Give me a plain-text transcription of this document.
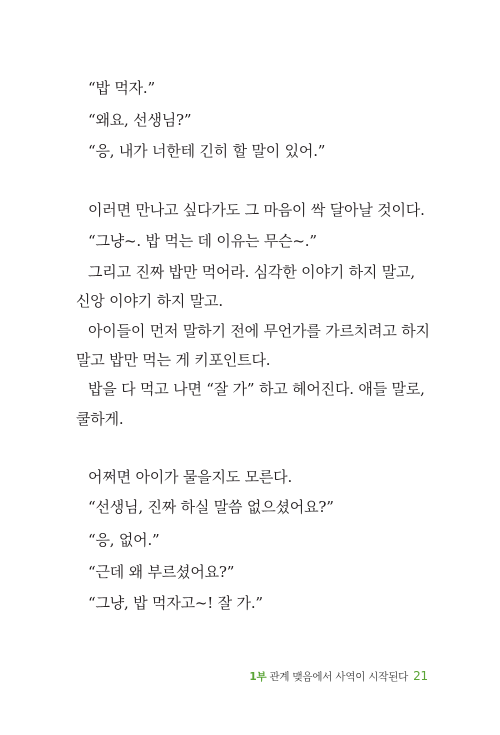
“밥 먹자.”

“왜요, 선생님?”

“응, 내가 너한테 긴히 할 말이 있어.”

이러면 만나고 싶다가도 그 마음이 싹 달아날 것이다.

“그냥~. 밥 먹는 데 이유는 무슨~.”

그리고 진짜 밥만 먹어라. 심각한 이야기 하지 말고,

신앙 이야기 하지 말고.

아이들이 먼저 말하기 전에 무언가를 가르치려고 하지

말고 밥만 먹는 게 키포인트다.

밥을 다 먹고 나면 “잘 가” 하고 헤어진다. 애들 말로,

쿨하게.

어쩌면 아이가 물을지도 모른다.

“선생님, 진짜 하실 말씀 없으셨어요?”

“응, 없어.”

“근데 왜 부르셨어요?”

“그냥, 밥 먹자고~! 잘 가.”

1부 관계 맺음에서 사역이 시작된다 21
